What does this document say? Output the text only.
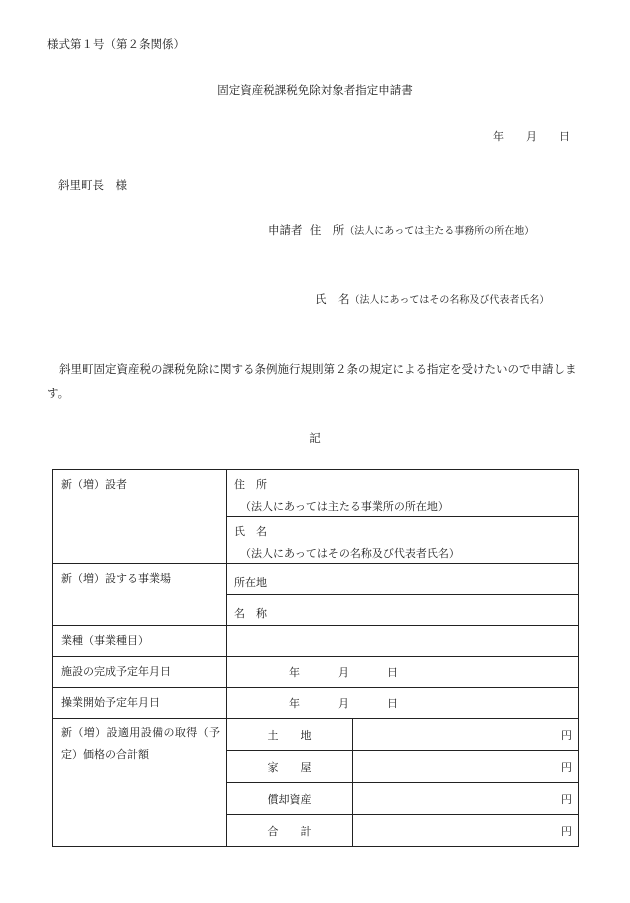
様式第１号（第２条関係）
固定資産税課税免除対象者指定申請書
年 月 日
斜里町長　様
申請者 住　所（法人にあっては主たる事務所の所在地）
氏　名（法人にあってはその名称及び代表者氏名）
斜里町固定資産税の課税免除に関する条例施行規則第２条の規定による指定を受けたいので申請します。
記
新（増）設者	住　所
（法人にあっては主たる事業所の所在地）	

	氏　名
（法人にあってはその名称及び代表者氏名）	

新（増）設する事業場	所在地	
	名　称	
業種（事業種目）		
施設の完成予定年月日	年 月 日	
操業開始予定年月日	年 月 日	
新（増）設適用設備の取得（予定）価格の合計額	土　　地	円
	家　　屋	円
	償却資産	円
	合　　計	円
